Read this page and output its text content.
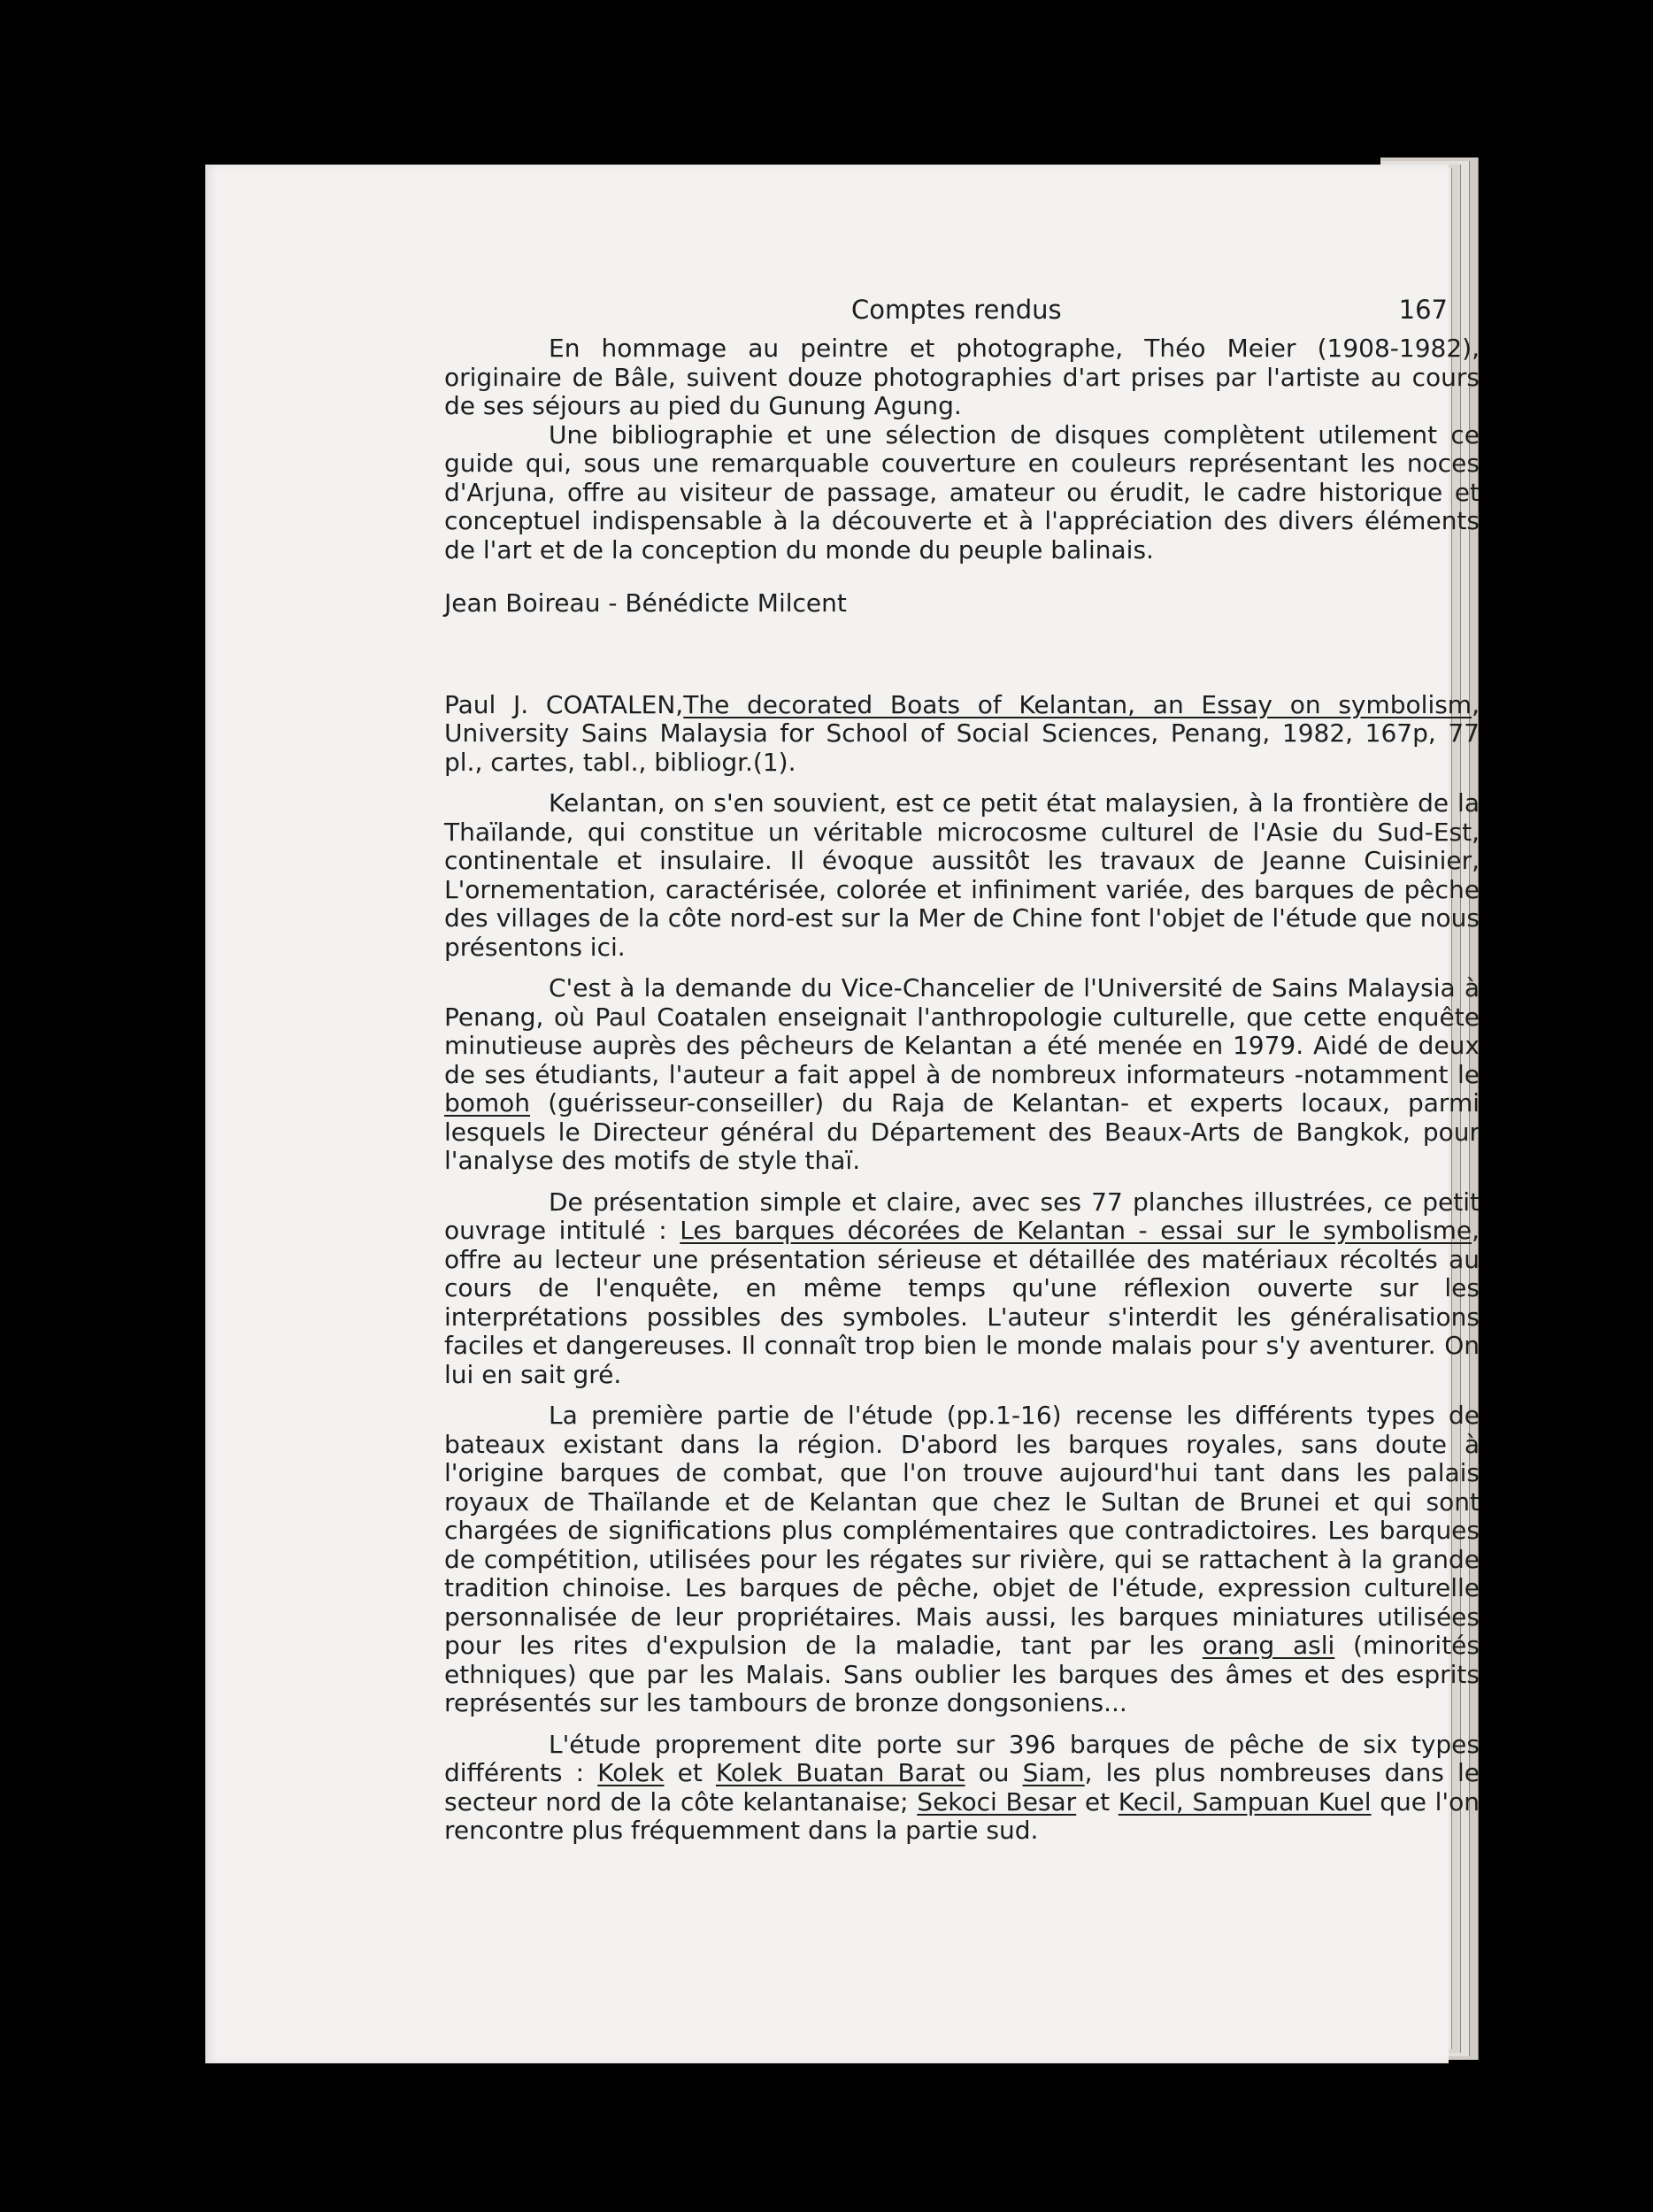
Comptes rendus	167

En hommage au peintre et photographe, Théo Meier (1908-1982), originaire de Bâle, suivent douze photographies d'art prises par l'artiste au cours de ses séjours au pied du Gunung Agung.

Une bibliographie et une sélection de disques complètent utilement ce guide qui, sous une remarquable couverture en couleurs représentant les noces d'Arjuna, offre au visiteur de passage, amateur ou érudit, le cadre historique et conceptuel indispensable à la découverte et à l'appréciation des divers éléments de l'art et de la conception du monde du peuple balinais.

Jean Boireau - Bénédicte Milcent

Paul J. COATALEN,The decorated Boats of Kelantan, an Essay on symbolism, University Sains Malaysia for School of Social Sciences, Penang, 1982, 167p, 77 pl., cartes, tabl., bibliogr.(1).

Kelantan, on s'en souvient, est ce petit état malaysien, à la frontière de la Thaïlande, qui constitue un véritable microcosme culturel de l'Asie du Sud-Est, continentale et insulaire. Il évoque aussitôt les travaux de Jeanne Cuisinier, L'ornementation, caractérisée, colorée et infiniment variée, des barques de pêche des villages de la côte nord-est sur la Mer de Chine font l'objet de l'étude que nous présentons ici.

C'est à la demande du Vice-Chancelier de l'Université de Sains Malaysia à Penang, où Paul Coatalen enseignait l'anthropologie culturelle, que cette enquête minutieuse auprès des pêcheurs de Kelantan a été menée en 1979. Aidé de deux de ses étudiants, l'auteur a fait appel à de nombreux informateurs -notamment le bomoh (guérisseur-conseiller) du Raja de Kelantan- et experts locaux, parmi lesquels le Directeur général du Département des Beaux-Arts de Bangkok, pour l'analyse des motifs de style thaï.

De présentation simple et claire, avec ses 77 planches illustrées, ce petit ouvrage intitulé : Les barques décorées de Kelantan - essai sur le symbolisme, offre au lecteur une présentation sérieuse et détaillée des matériaux récoltés au cours de l'enquête, en même temps qu'une réflexion ouverte sur les interprétations possibles des symboles. L'auteur s'interdit les généralisations faciles et dangereuses. Il connaît trop bien le monde malais pour s'y aventurer. On lui en sait gré.

La première partie de l'étude (pp.1-16) recense les différents types de bateaux existant dans la région. D'abord les barques royales, sans doute à l'origine barques de combat, que l'on trouve aujourd'hui tant dans les palais royaux de Thaïlande et de Kelantan que chez le Sultan de Brunei et qui sont chargées de significations plus complémentaires que contradictoires. Les barques de compétition, utilisées pour les régates sur rivière, qui se rattachent à la grande tradition chinoise. Les barques de pêche, objet de l'étude, expression culturelle personnalisée de leur propriétaires. Mais aussi, les barques miniatures utilisées pour les rites d'expulsion de la maladie, tant par les orang asli (minorités ethniques) que par les Malais. Sans oublier les barques des âmes et des esprits représentés sur les tambours de bronze dongsoniens...

L'étude proprement dite porte sur 396 barques de pêche de six types différents : Kolek et Kolek Buatan Barat ou Siam, les plus nombreuses dans le secteur nord de la côte kelantanaise; Sekoci Besar et Kecil, Sampuan Kuel que l'on rencontre plus fréquemment dans la partie sud.
